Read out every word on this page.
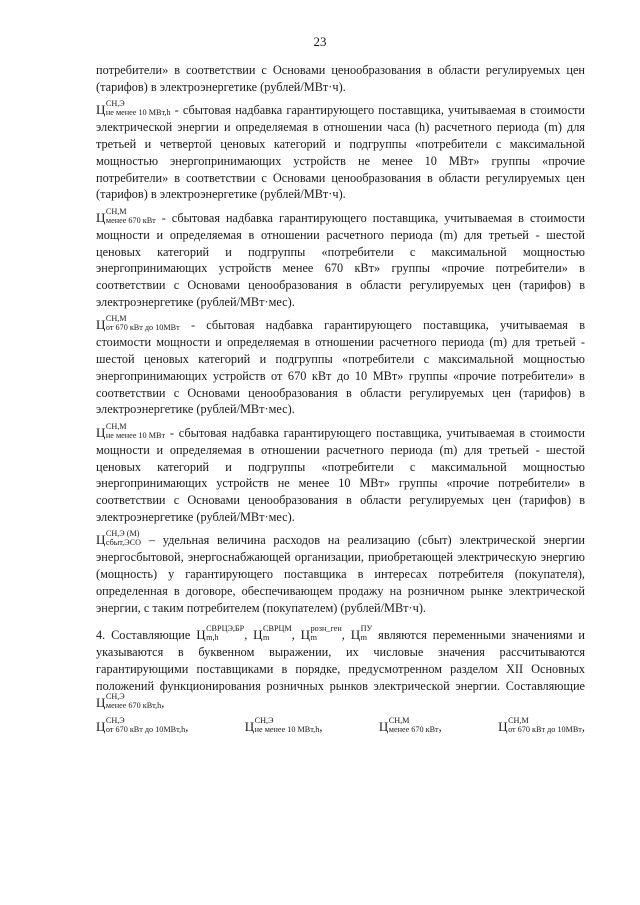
23

потребители» в соответствии с Основами ценообразования в области регулируемых цен (тарифов) в электроэнергетике (рублей/МВт·ч).

Ц СН,Э
не менее 10 МВт,h - сбытовая надбавка гарантирующего поставщика, учитываемая в стоимости электрической энергии и определяемая в отношении часа (h) расчетного периода (m) для третьей и четвертой ценовых категорий и подгруппы «потребители с максимальной мощностью энергопринимающих устройств не менее 10 МВт» группы «прочие потребители» в соответствии с Основами ценообразования в области регулируемых цен (тарифов) в электроэнергетике (рублей/МВт·ч).

Ц СН,М
менее 670 кВт - сбытовая надбавка гарантирующего поставщика, учитываемая в стоимости мощности и определяемая в отношении расчетного периода (m) для третьей - шестой ценовых категорий и подгруппы «потребители с максимальной мощностью энергопринимающих устройств менее 670 кВт» группы «прочие потребители» в соответствии с Основами ценообразования в области регулируемых цен (тарифов) в электроэнергетике (рублей/МВт·мес).

Ц СН,М
от 670 кВт до 10МВт - сбытовая надбавка гарантирующего поставщика, учитываемая в стоимости мощности и определяемая в отношении расчетного периода (m) для третьей - шестой ценовых категорий и подгруппы «потребители с максимальной мощностью энергопринимающих устройств от 670 кВт до 10 МВт» группы «прочие потребители» в соответствии с Основами ценообразования в области регулируемых цен (тарифов) в электроэнергетике (рублей/МВт·мес).

Ц СН,М
не менее 10 МВт - сбытовая надбавка гарантирующего поставщика, учитываемая в стоимости мощности и определяемая в отношении расчетного периода (m) для третьей - шестой ценовых категорий и подгруппы «потребители с максимальной мощностью энергопринимающих устройств не менее 10 МВт» группы «прочие потребители» в соответствии с Основами ценообразования в области регулируемых цен (тарифов) в электроэнергетике (рублей/МВт·мес).

Ц СН,Э (М)
сбыт,ЭСО – удельная величина расходов на реализацию (сбыт) электрической энергии энергосбытовой, энергоснабжающей организации, приобретающей электрическую энергию (мощность) у гарантирующего поставщика в интересах потребителя (покупателя), определенная в договоре, обеспечивающем продажу на розничном рынке электрической энергии, с таким потребителем (покупателем) (рублей/МВт·ч).

4. Составляющие Ц СВРЦЭ,БР
m,h	, Ц СВРЦМ
m	, Ц розн_ген
m	, Ц ПУ
m являются переменными значениями и указываются в буквенном выражении, их числовые значения рассчитываются гарантирующими поставщиками в порядке, предусмотренном разделом XII Основных положений функционирования розничных рынков электрической энергии. Составляющие
Ц СН,Э
менее 670 кВт,h ,

Ц СН,Э
от 670 кВт до 10МВт,h ,	Ц СН,Э
не менее 10 МВт,h ,	Ц СН,М
менее 670 кВт ,	Ц СН,М
от 670 кВт до 10МВт ,
